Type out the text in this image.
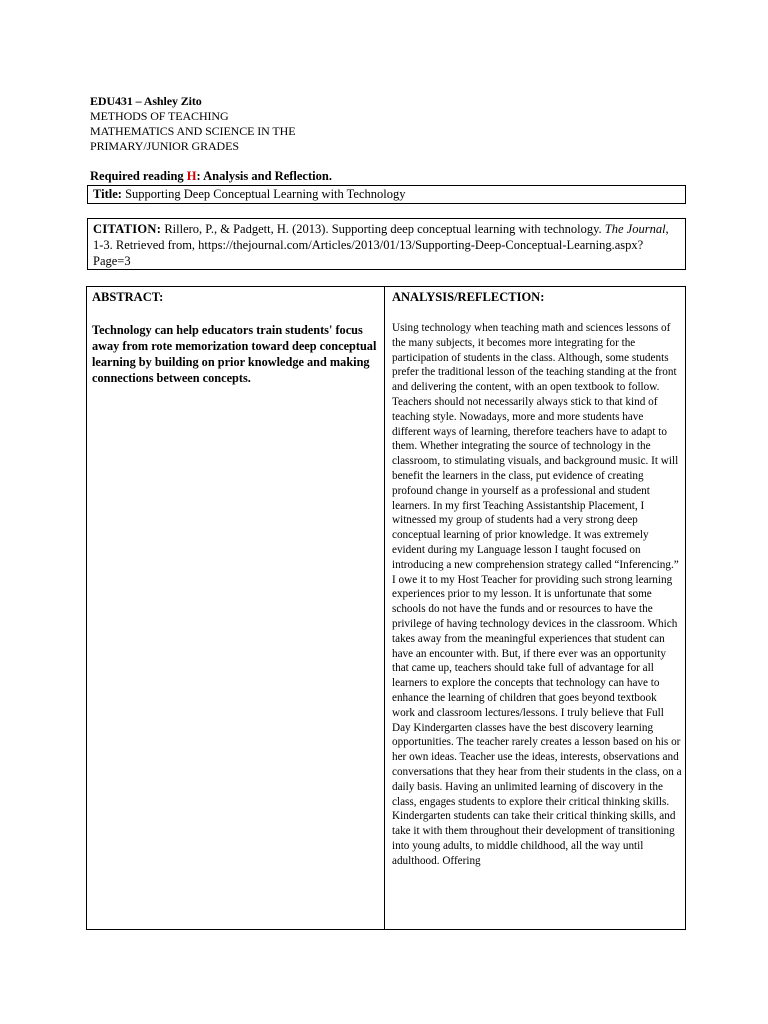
EDU431 – Ashley Zito
METHODS OF TEACHING
MATHEMATICS AND SCIENCE IN THE
PRIMARY/JUNIOR GRADES
Required reading H: Analysis and Reflection.
Title: Supporting Deep Conceptual Learning with Technology
CITATION: Rillero, P., & Padgett, H. (2013). Supporting deep conceptual learning with technology. The Journal, 1-3. Retrieved from, https://thejournal.com/Articles/2013/01/13/Supporting-Deep-Conceptual-Learning.aspx?Page=3
ABSTRACT:
Technology can help educators train students' focus away from rote memorization toward deep conceptual learning by building on prior knowledge and making connections between concepts.
ANALYSIS/REFLECTION:
Using technology when teaching math and sciences lessons of the many subjects, it becomes more integrating for the participation of students in the class. Although, some students prefer the traditional lesson of the teaching standing at the front and delivering the content, with an open textbook to follow. Teachers should not necessarily always stick to that kind of teaching style. Nowadays, more and more students have different ways of learning, therefore teachers have to adapt to them. Whether integrating the source of technology in the classroom, to stimulating visuals, and background music. It will benefit the learners in the class, put evidence of creating profound change in yourself as a professional and student learners. In my first Teaching Assistantship Placement, I witnessed my group of students had a very strong deep conceptual learning of prior knowledge. It was extremely evident during my Language lesson I taught focused on introducing a new comprehension strategy called “Inferencing.” I owe it to my Host Teacher for providing such strong learning experiences prior to my lesson. It is unfortunate that some schools do not have the funds and or resources to have the privilege of having technology devices in the classroom. Which takes away from the meaningful experiences that student can have an encounter with. But, if there ever was an opportunity that came up, teachers should take full of advantage for all learners to explore the concepts that technology can have to enhance the learning of children that goes beyond textbook work and classroom lectures/lessons. I truly believe that Full Day Kindergarten classes have the best discovery learning opportunities. The teacher rarely creates a lesson based on his or her own ideas. Teacher use the ideas, interests, observations and conversations that they hear from their students in the class, on a daily basis. Having an unlimited learning of discovery in the class, engages students to explore their critical thinking skills. Kindergarten students can take their critical thinking skills, and take it with them throughout their development of transitioning into young adults, to middle childhood, all the way until adulthood. Offering
